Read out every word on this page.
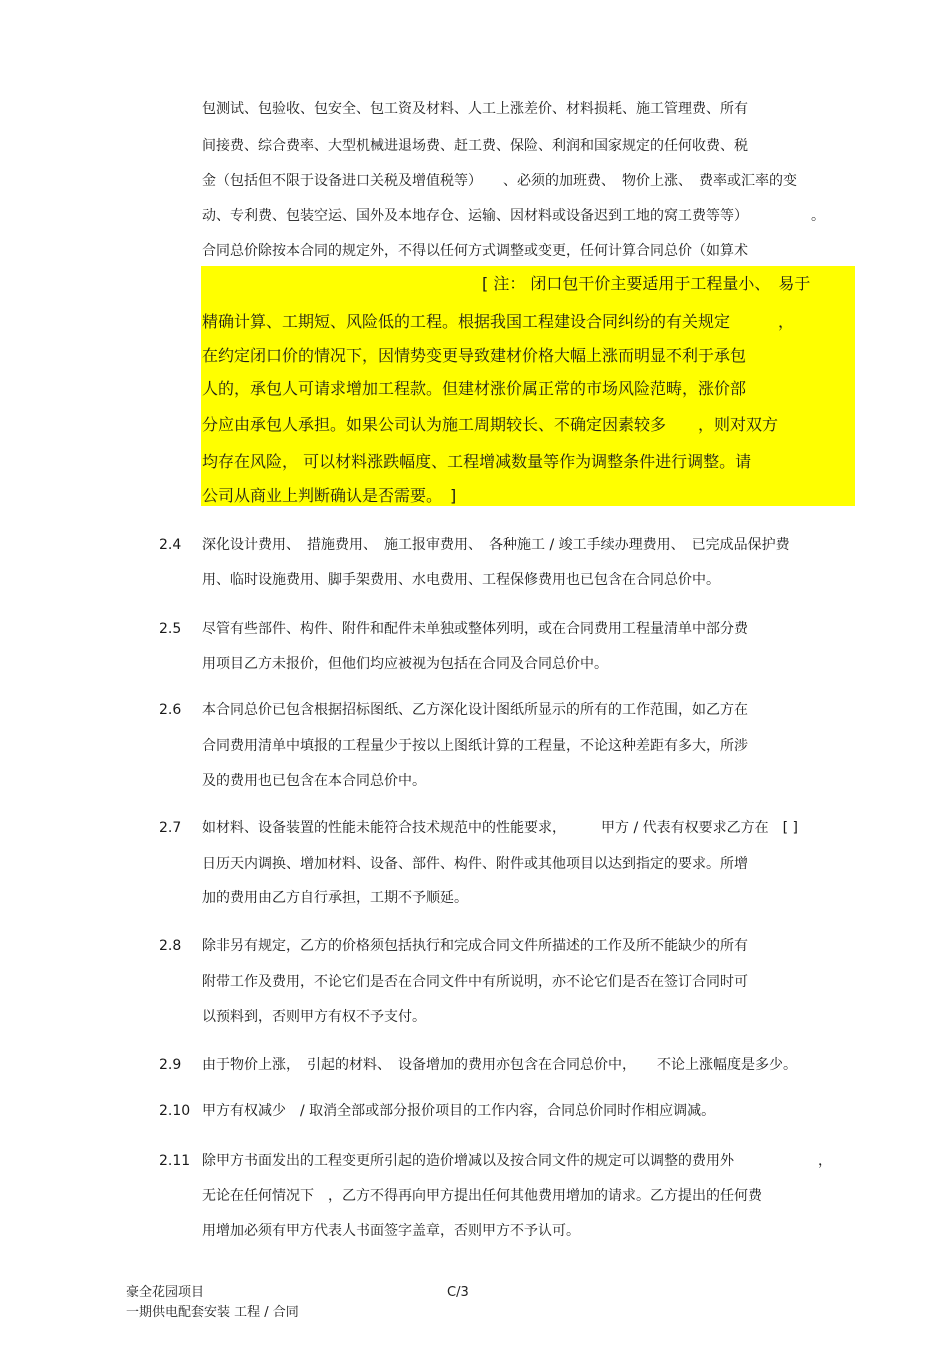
包测试、包验收、包安全、包工资及材料、人工上涨差价、材料损耗、施工管理费、所有
间接费、综合费率、大型机械进退场费、赶工费、保险、利润和国家规定的任何收费、税
金（包括但不限于设备进口关税及增值税等）　　、必须的加班费、　物价上涨、　费率或汇率的变
动、专利费、包装空运、国外及本地存仓、运输、因材料或设备迟到工地的窝工费等等）　　　　　。
合同总价除按本合同的规定外，不得以任何方式调整或变更，任何计算合同总价（如算术
[ 注： 闭口包干价主要适用于工程量小、　易于
精确计算、工期短、风险低的工程。根据我国工程建设合同纠纷的有关规定　　　，
在约定闭口价的情况下，因情势变更导致建材价格大幅上涨而明显不利于承包
人的，承包人可请求增加工程款。但建材涨价属正常的市场风险范畴，涨价部
分应由承包人承担。如果公司认为施工周期较长、不确定因素较多　　，则对双方
均存在风险， 可以材料涨跌幅度、工程增减数量等作为调整条件进行调整。请
公司从商业上判断确认是否需要。　]
2.4 深化设计费用、　措施费用、　施工报审费用、　各种施工 / 竣工手续办理费用、　已完成品保护费
用、临时设施费用、脚手架费用、水电费用、工程保修费用也已包含在合同总价中。
2.5 尽管有些部件、构件、附件和配件未单独或整体列明，或在合同费用工程量清单中部分费
用项目乙方未报价，但他们均应被视为包括在合同及合同总价中。
2.6 本合同总价已包含根据招标图纸、乙方深化设计图纸所显示的所有的工作范围，如乙方在
合同费用清单中填报的工程量少于按以上图纸计算的工程量，不论这种差距有多大，所涉
及的费用也已包含在本合同总价中。
2.7 如材料、设备装置的性能未能符合技术规范中的性能要求，　　　甲方 / 代表有权要求乙方在　[ ]
日历天内调换、增加材料、设备、部件、构件、附件或其他项目以达到指定的要求。所增
加的费用由乙方自行承担，工期不予顺延。
2.8 除非另有规定，乙方的价格须包括执行和完成合同文件所描述的工作及所不能缺少的所有
附带工作及费用，不论它们是否在合同文件中有所说明，亦不论它们是否在签订合同时可
以预料到，否则甲方有权不予支付。
2.9 由于物价上涨，　引起的材料、　设备增加的费用亦包含在合同总价中，　　不论上涨幅度是多少。
2.10 甲方有权减少　/ 取消全部或部分报价项目的工作内容，合同总价同时作相应调减。
2.11 除甲方书面发出的工程变更所引起的造价增减以及按合同文件的规定可以调整的费用外　　　　　　，
无论在任何情况下　，乙方不得再向甲方提出任何其他费用增加的请求。乙方提出的任何费
用增加必须有甲方代表人书面签字盖章，否则甲方不予认可。
豪全花园项目	C/3
一期供电配套安装 工程 / 合同
